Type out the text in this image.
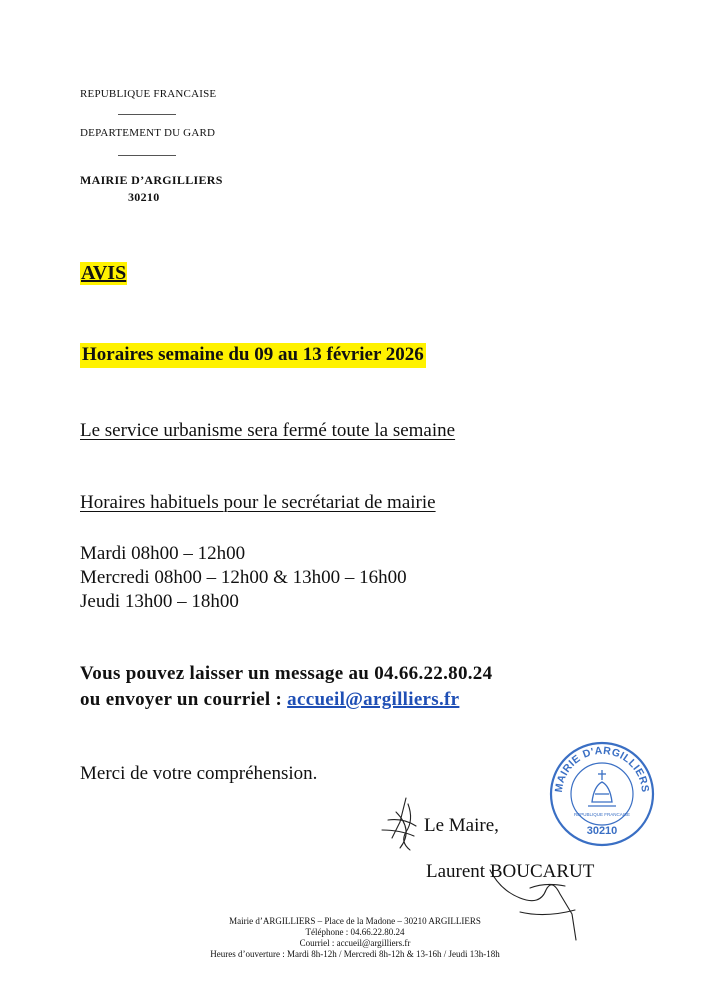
REPUBLIQUE FRANCAISE
DEPARTEMENT DU GARD
MAIRIE D’ARGILLIERS
30210
AVIS
Horaires semaine du 09 au 13 février 2026
Le service urbanisme sera fermé toute la semaine
Horaires habituels pour le secrétariat de mairie
Mardi 08h00 – 12h00
Mercredi 08h00 – 12h00 & 13h00 – 16h00
Jeudi 13h00 – 18h00
Vous pouvez laisser un message au 04.66.22.80.24
ou envoyer un courriel : accueil@argilliers.fr
Merci de votre compréhension.
MAIRIE D'ARGILLIERS
REPUBLIQUE FRANCAISE
30210
Le Maire,
Laurent BOUCARUT
Mairie d’ARGILLIERS – Place de la Madone – 30210 ARGILLIERS
Téléphone : 04.66.22.80.24
Courriel : accueil@argilliers.fr
Heures d’ouverture : Mardi 8h-12h / Mercredi 8h-12h & 13-16h / Jeudi 13h-18h
